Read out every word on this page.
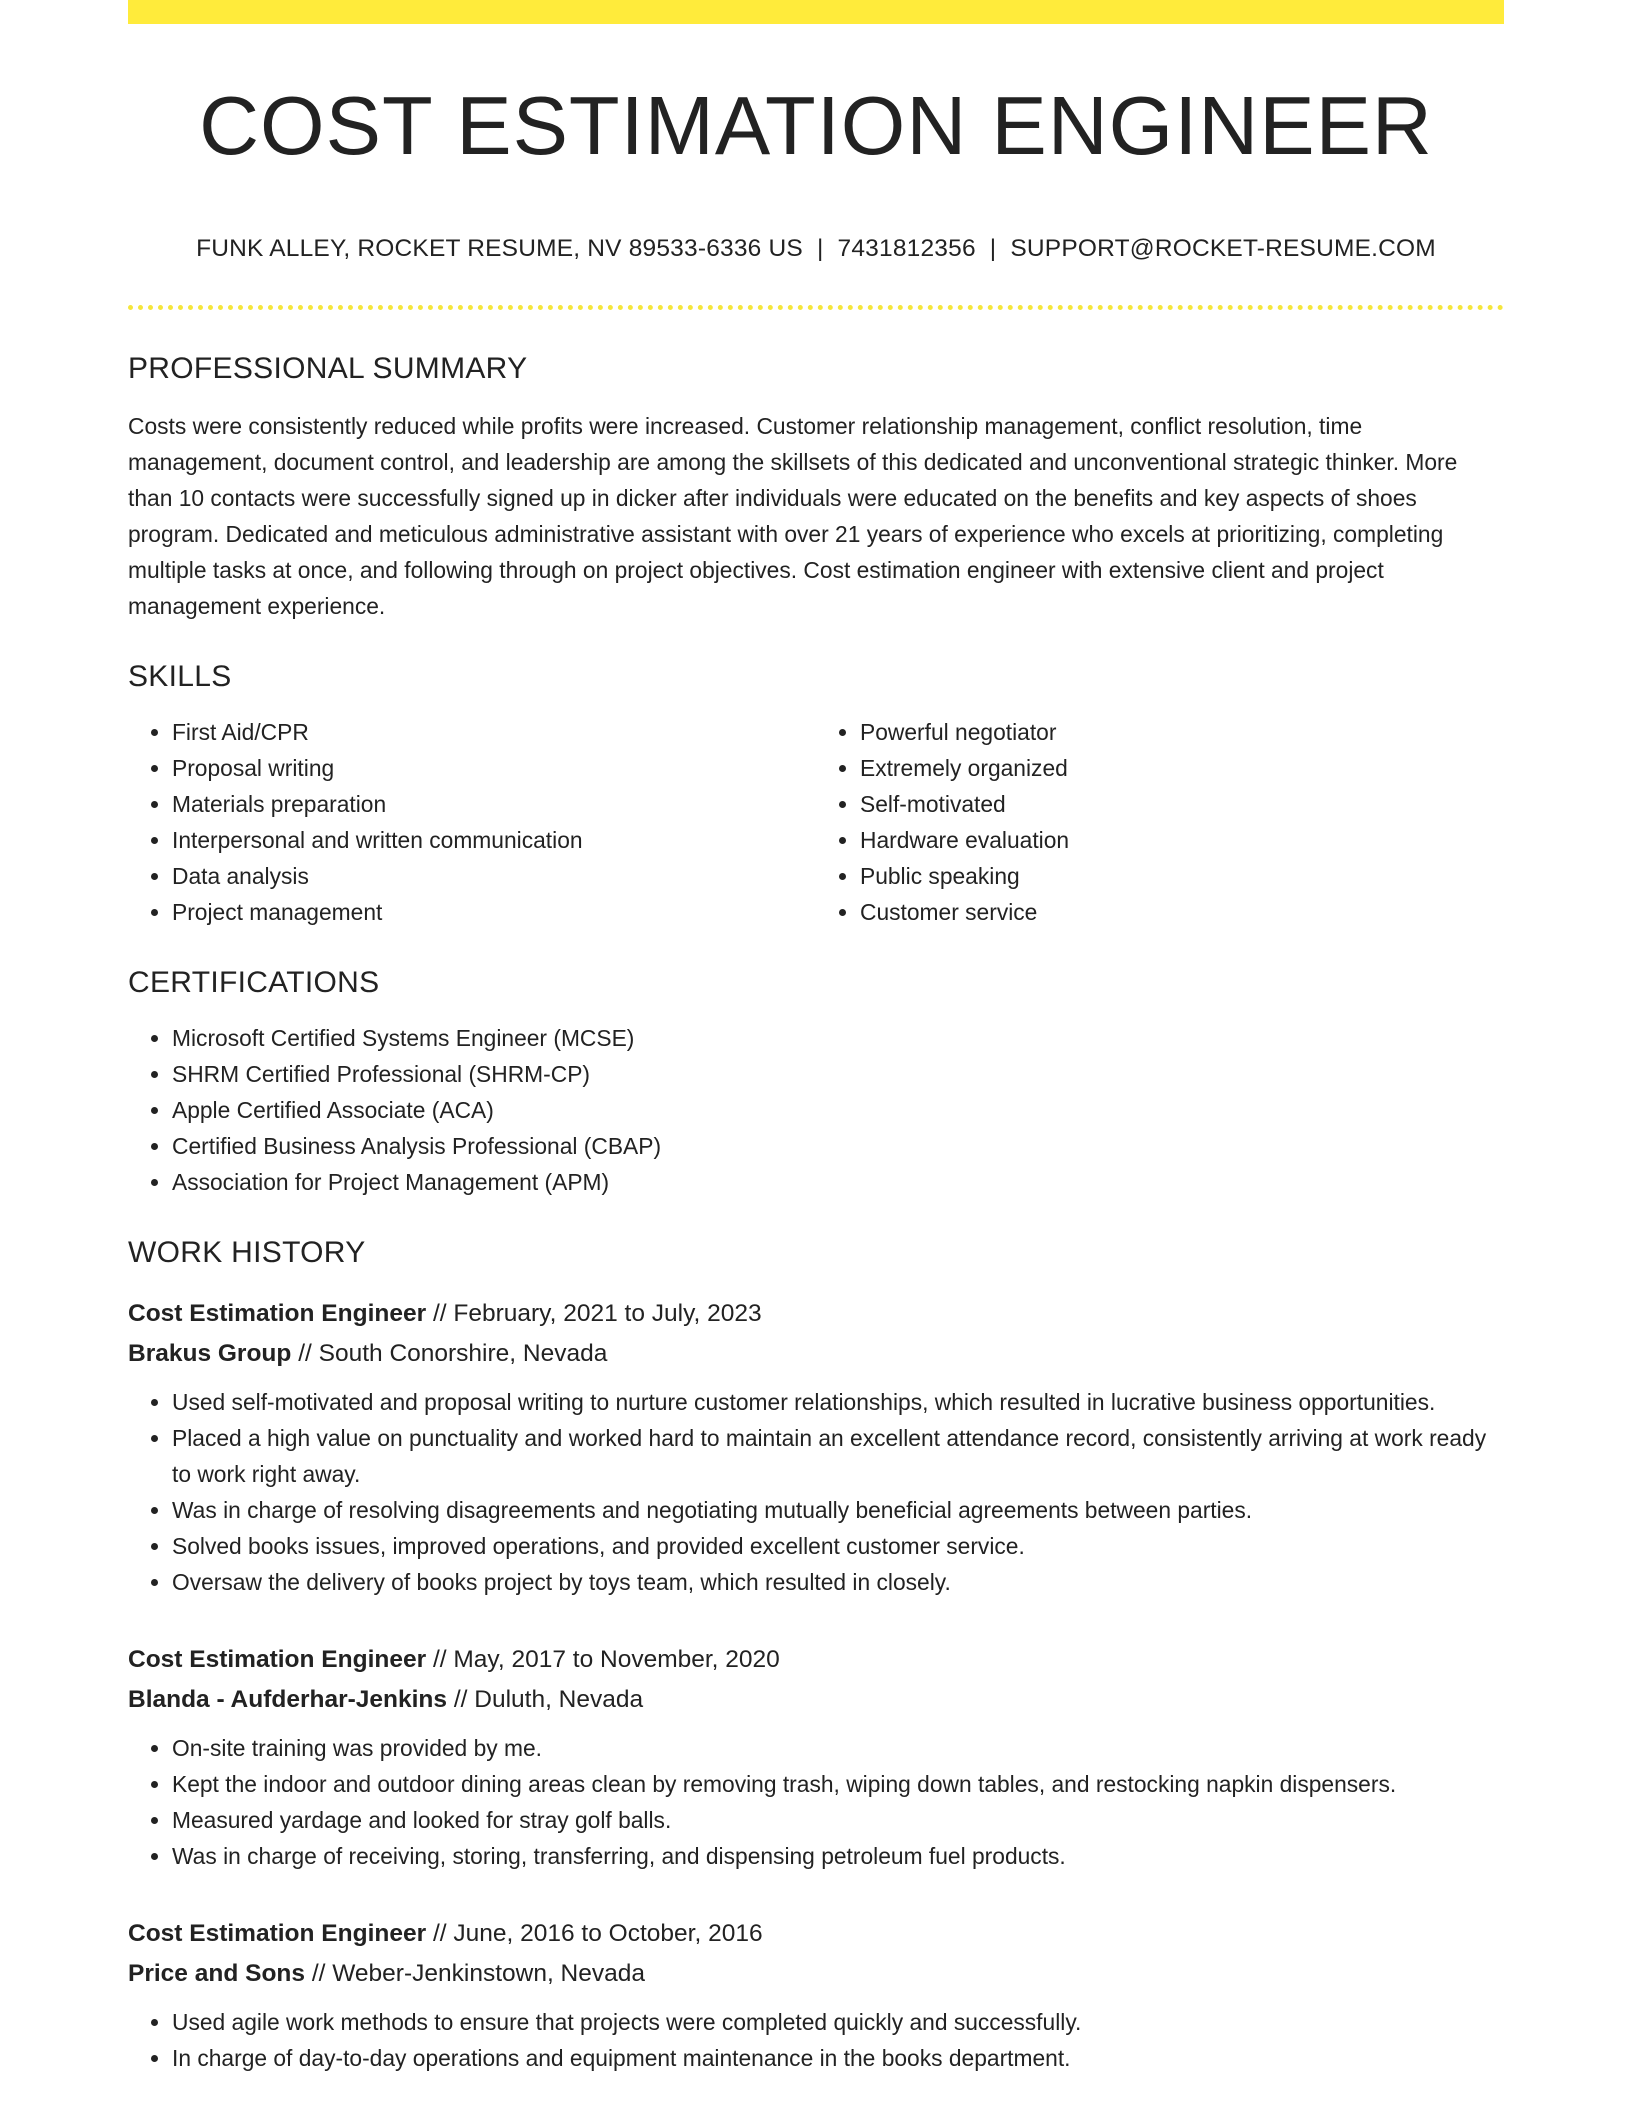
COST ESTIMATION ENGINEER
FUNK ALLEY, ROCKET RESUME, NV 89533-6336 US | 7431812356 | SUPPORT@ROCKET-RESUME.COM
PROFESSIONAL SUMMARY

Costs were consistently reduced while profits were increased. Customer relationship management, conflict resolution, time management, document control, and leadership are among the skillsets of this dedicated and unconventional strategic thinker. More than 10 contacts were successfully signed up in dicker after individuals were educated on the benefits and key aspects of shoes program. Dedicated and meticulous administrative assistant with over 21 years of experience who excels at prioritizing, completing multiple tasks at once, and following through on project objectives. Cost estimation engineer with extensive client and project management experience.

SKILLS
• First Aid/CPR
• Proposal writing
• Materials preparation
• Interpersonal and written communication
• Data analysis
• Project management
• Powerful negotiator
• Extremely organized
• Self-motivated
• Hardware evaluation
• Public speaking
• Customer service
CERTIFICATIONS
• Microsoft Certified Systems Engineer (MCSE)
• SHRM Certified Professional (SHRM-CP)
• Apple Certified Associate (ACA)
• Certified Business Analysis Professional (CBAP)
• Association for Project Management (APM)
WORK HISTORY
Cost Estimation Engineer // February, 2021 to July, 2023
Brakus Group // South Conorshire, Nevada
• Used self-motivated and proposal writing to nurture customer relationships, which resulted in lucrative business opportunities.
• Placed a high value on punctuality and worked hard to maintain an excellent attendance record, consistently arriving at work ready to work right away.
• Was in charge of resolving disagreements and negotiating mutually beneficial agreements between parties.
• Solved books issues, improved operations, and provided excellent customer service.
• Oversaw the delivery of books project by toys team, which resulted in closely.
Cost Estimation Engineer // May, 2017 to November, 2020
Blanda - Aufderhar-Jenkins // Duluth, Nevada
• On-site training was provided by me.
• Kept the indoor and outdoor dining areas clean by removing trash, wiping down tables, and restocking napkin dispensers.
• Measured yardage and looked for stray golf balls.
• Was in charge of receiving, storing, transferring, and dispensing petroleum fuel products.
Cost Estimation Engineer // June, 2016 to October, 2016
Price and Sons // Weber-Jenkinstown, Nevada
• Used agile work methods to ensure that projects were completed quickly and successfully.
• In charge of day-to-day operations and equipment maintenance in the books department.
